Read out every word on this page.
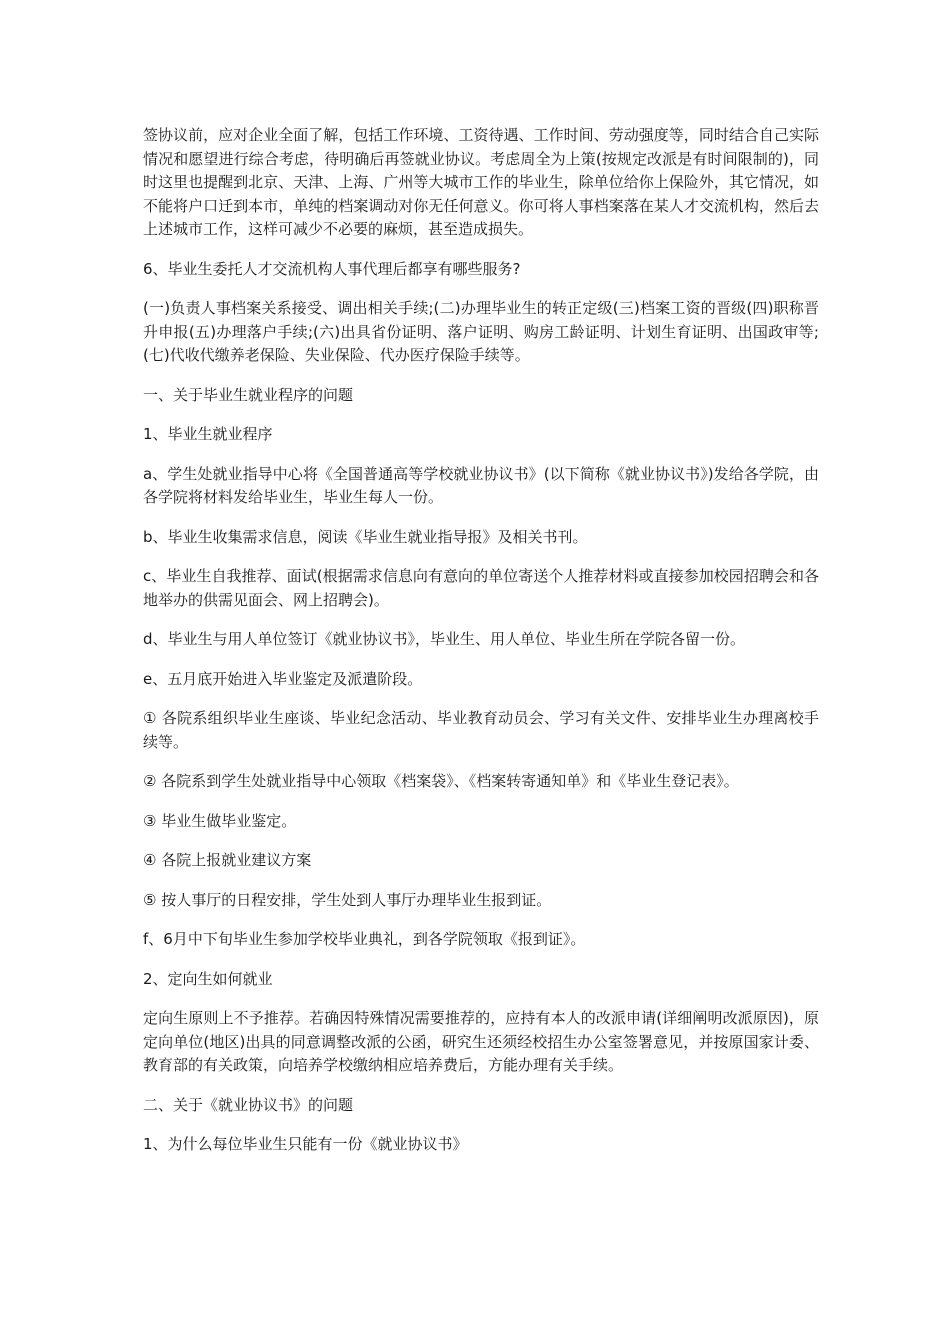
签协议前，应对企业全面了解，包括工作环境、工资待遇、工作时间、劳动强度等，同时结合自己实际情况和愿望进行综合考虑，待明确后再签就业协议。考虑周全为上策(按规定改派是有时间限制的)，同时这里也提醒到北京、天津、上海、广州等大城市工作的毕业生，除单位给你上保险外，其它情况，如不能将户口迁到本市，单纯的档案调动对你无任何意义。你可将人事档案落在某人才交流机构，然后去上述城市工作，这样可减少不必要的麻烦，甚至造成损失。

6、毕业生委托人才交流机构人事代理后都享有哪些服务?

(一)负责人事档案关系接受、调出相关手续;(二)办理毕业生的转正定级(三)档案工资的晋级(四)职称晋升申报(五)办理落户手续;(六)出具省份证明、落户证明、购房工龄证明、计划生育证明、出国政审等;(七)代收代缴养老保险、失业保险、代办医疗保险手续等。

一、关于毕业生就业程序的问题

1、毕业生就业程序

a、学生处就业指导中心将《全国普通高等学校就业协议书》(以下简称《就业协议书》)发给各学院，由各学院将材料发给毕业生，毕业生每人一份。

b、毕业生收集需求信息，阅读《毕业生就业指导报》及相关书刊。

c、毕业生自我推荐、面试(根据需求信息向有意向的单位寄送个人推荐材料或直接参加校园招聘会和各地举办的供需见面会、网上招聘会)。

d、毕业生与用人单位签订《就业协议书》，毕业生、用人单位、毕业生所在学院各留一份。

e、五月底开始进入毕业鉴定及派遣阶段。

① 各院系组织毕业生座谈、毕业纪念活动、毕业教育动员会、学习有关文件、安排毕业生办理离校手续等。

② 各院系到学生处就业指导中心领取《档案袋》、《档案转寄通知单》和《毕业生登记表》。

③ 毕业生做毕业鉴定。

④ 各院上报就业建议方案

⑤ 按人事厅的日程安排，学生处到人事厅办理毕业生报到证。

f、6月中下旬毕业生参加学校毕业典礼，到各学院领取《报到证》。

2、定向生如何就业

定向生原则上不予推荐。若确因特殊情况需要推荐的，应持有本人的改派申请(详细阐明改派原因)，原定向单位(地区)出具的同意调整改派的公函，研究生还须经校招生办公室签署意见，并按原国家计委、教育部的有关政策，向培养学校缴纳相应培养费后，方能办理有关手续。

二、关于《就业协议书》的问题

1、为什么每位毕业生只能有一份《就业协议书》
